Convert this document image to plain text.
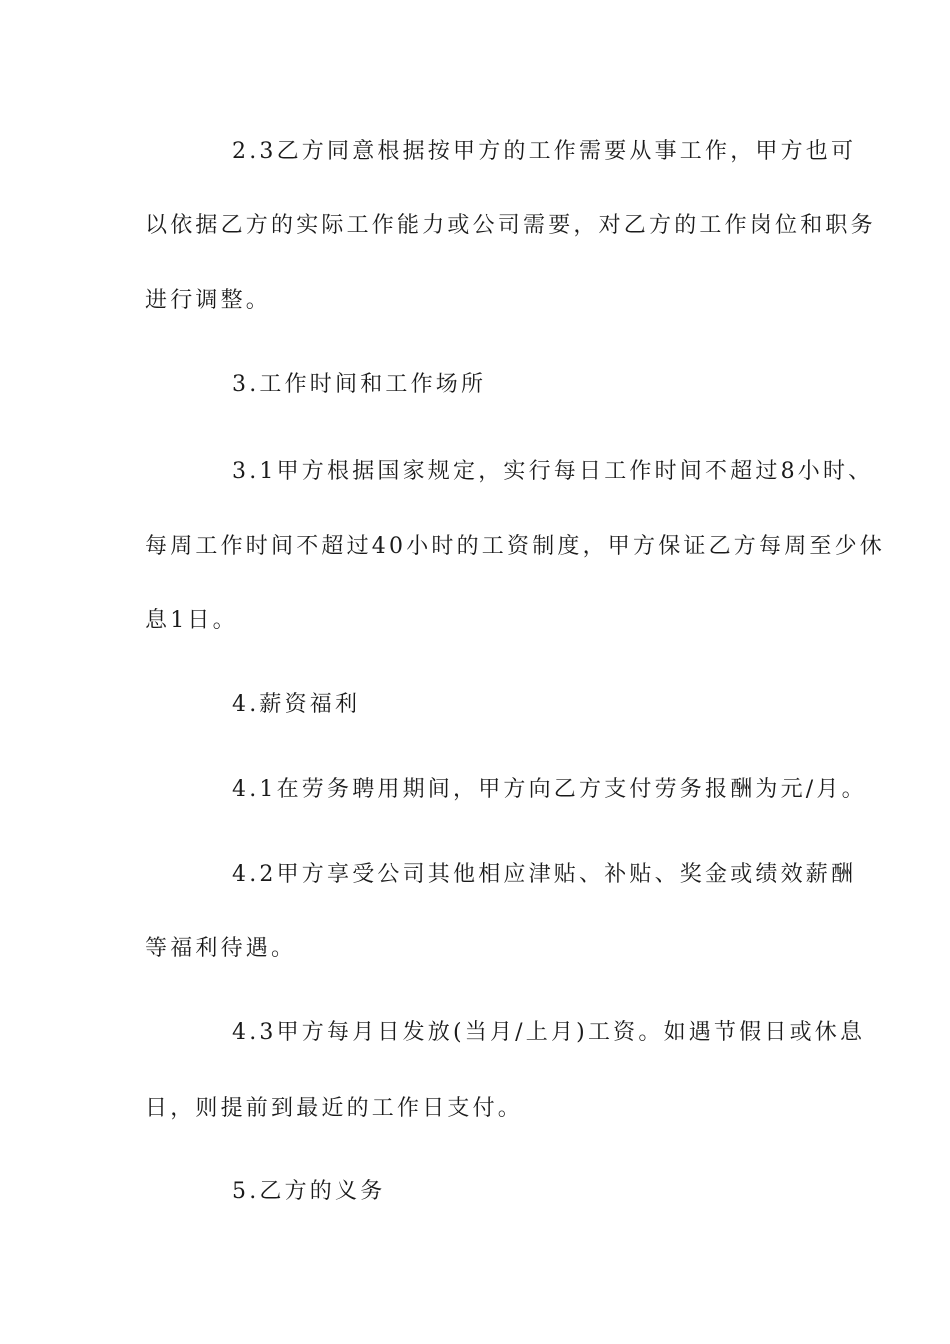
2.3乙方同意根据按甲方的工作需要从事工作，甲方也可
以依据乙方的实际工作能力或公司需要，对乙方的工作岗位和职务
进行调整。
3.工作时间和工作场所
3.1甲方根据国家规定，实行每日工作时间不超过8小时、
每周工作时间不超过40小时的工资制度，甲方保证乙方每周至少休
息1日。
4.薪资福利
4.1在劳务聘用期间，甲方向乙方支付劳务报酬为元/月。
4.2甲方享受公司其他相应津贴、补贴、奖金或绩效薪酬
等福利待遇。
4.3甲方每月日发放(当月/上月)工资。如遇节假日或休息
日，则提前到最近的工作日支付。
5.乙方的义务
